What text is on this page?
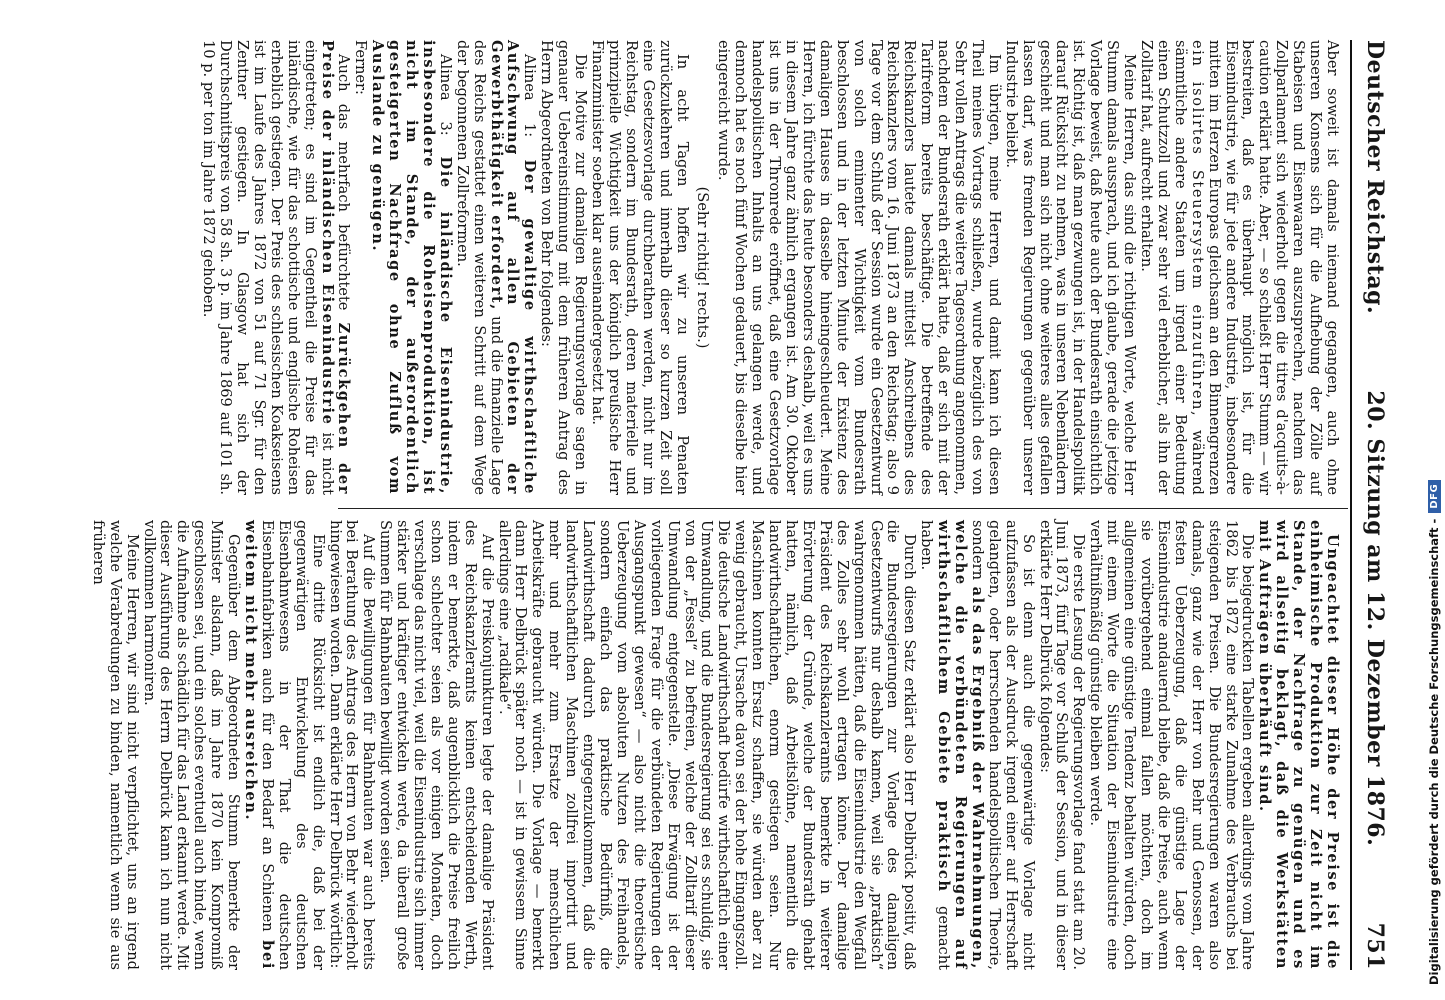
Deutscher Reichstag.
20. Sitzung am 12. Dezember 1876.
751

Aber soweit ist damals niemand gegangen, auch ohne unseren Konsens sich für die Aufhebung der Zölle auf Stabeisen und Eisenwaaren auszusprechen, nachdem das Zollparlament sich wiederholt gegen die titres d'acquits-à-caution erklärt hatte. Aber, — so schließt Herr Stumm — wir bestreiten, daß es überhaupt möglich ist, für die Eisenindustrie, wie für jede andere Industrie, insbesondere mitten im Herzen Europas gleichsam an den Binnengrenzen ein isolirtes Steuersystem einzuführen, während sämmtliche andere Staaten um irgend einer Bedeutung einen Schutzzoll und zwar sehr viel erheblicher, als ihn der Zolltarif hat, aufrecht erhalten.

Meine Herren, das sind die richtigen Worte, welche Herr Stumm damals aussprach, und ich glaube, gerade die jetzige Vorlage beweist, daß heute auch der Bundesrath einsichtlich ist. Richtig ist, daß man gezwungen ist, in der Handelspolitik darauf Rücksicht zu nehmen, was in unseren Nebenländern geschieht und man sich nicht ohne weiteres alles gefallen lassen darf, was fremden Regierungen gegenüber unserer Industrie beliebt.

Im übrigen, meine Herren, und damit kann ich diesen Theil meines Vortrags schließen, wurde bezüglich des von Sehr vollen Antrags die weitere Tagesordnung angenommen, nachdem der Bundesrath erklärt hatte, daß er sich mit der Tarifreform bereits beschäftige. Die betreffende des Reichskanzlers lautete damals mittelst Anschreibens des Reichskanzlers vom 16. Juni 1873 an den Reichstag; also 9 Tage vor dem Schluß der Session wurde ein Gesetzentwurf von solch eminenter Wichtigkeit vom Bundesrath beschlossen und in der letzten Minute der Existenz des damaligen Hauses in dasselbe hineingeschleudert. Meine Herren, ich fürchte das heute besonders deshalb, weil es uns in diesem Jahre ganz ähnlich ergangen ist. Am 30. Oktober ist uns in der Thronrede eröffnet, daß eine Gesetzvorlage handelspolitischen Inhalts an uns gelangen werde, und dennoch hat es noch fünf Wochen gedauert, bis dieselbe hier eingereicht wurde.

(Sehr richtig! rechts.)

In acht Tagen hoffen wir zu unseren Penaten zurückzukehren und innerhalb dieser so kurzen Zeit soll eine Gesetzesvorlage durchberathen werden, nicht nur im Reichstag, sondern im Bundesrath, deren materielle und prinzipielle Wichtigkeit uns der königlich preußische Herr Finanzminister soeben klar auseinandergesetzt hat.

Die Motive zur damaligen Regierungsvorlage sagen in genauer Uebereinstimmung mit dem früheren Antrag des Herrn Abgeordneten von Behr folgendes:

Alinea 1: Der gewaltige wirthschaftliche Aufschwung auf allen Gebieten der Gewerbthätigkeit erfordert, und die finanzielle Lage des Reichs gestattet einen weiteren Schritt auf dem Wege der begonnenen Zollreformen.

Alinea 3: Die inländische Eisenindustrie, insbesondere die Roheisenproduktion, ist nicht im Stande, der außerordentlich gesteigerten Nachfrage ohne Zufluß vom Auslande zu genügen.

Ferner:

Auch das mehrfach befürchtete Zurückgehen der Preise der inländischen Eisenindustrie ist nicht eingetreten; es sind im Gegentheil die Preise für das inländische, wie für das schottische und englische Roheisen erheblich gestiegen. Der Preis des schlesischen Koakseisens ist im Laufe des Jahres 1872 von 51 auf 71 Sgr. für den Zentner gestiegen. In Glasgow hat sich der Durchschnittspreis von 58 sh. 3 p. im Jahre 1869 auf 101 sh. 10 p. per ton im Jahre 1872 gehoben.

Ungeachtet dieser Höhe der Preise ist die einheimische Produktion zur Zeit nicht im Stande, der Nachfrage zu genügen und es wird allseitig beklagt, daß die Werkstätten mit Aufträgen überhäuft sind.

Die beigedruckten Tabellen ergeben allerdings vom Jahre 1862 bis 1872 eine starke Zunahme des Verbrauchs bei steigenden Preisen. Die Bundesregierungen waren also damals, ganz wie der Herr von Behr und Genossen, der festen Ueberzeugung, daß die günstige Lage der Eisenindustrie andauernd bleibe, daß die Preise, auch wenn sie vorübergehend einmal fallen möchten, doch im allgemeinen eine günstige Tendenz behalten würden, doch mit einem Worte die Situation der Eisenindustrie eine verhältnißmäßig günstige bleiben werde.

Die erste Lesung der Regierungsvorlage fand statt am 20. Juni 1873, fünf Tage vor Schluß der Session, und in dieser erklärte Herr Delbrück folgendes:

So ist denn auch die gegenwärtige Vorlage nicht aufzufassen als der Ausdruck irgend einer auf Herrschaft gelangten, oder herrschenden handelspolitischen Theorie, sondern als das Ergebniß der Wahrnehmungen, welche die verbündeten Regierungen auf wirthschaftlichem Gebiete praktisch gemacht haben.

Durch diesen Satz erklärt also Herr Delbrück positiv, daß die Bundesregierungen zur Vorlage des damaligen Gesetzentwurfs nur deshalb kamen, weil sie „praktisch“ wahrgenommen hätten, daß die Eisenindustrie den Wegfall des Zolles sehr wohl ertragen könne. Der damalige Präsident des Reichskanzleramts bemerkte in weiterer Erörterung der Gründe, welche der Bundesrath gehabt hatten, nämlich, daß Arbeitslöhne, namentlich die landwirthschaftlichen, enorm gestiegen seien. Nur Maschinen konnten Ersatz schaffen, sie würden aber zu wenig gebraucht, Ursache davon sei der hohe Eingangszoll. Die deutsche Landwirthschaft bedürfe wirthschaftlich einer Umwandlung, und die Bundesregierung sei es schuldig, sie von der „Fessel“ zu befreien, welche der Zolltarif dieser Umwandlung entgegenstelle. „Diese Erwägung ist der vorliegenden Frage für die verbündeten Regierungen der Ausgangspunkt gewesen“ — also nicht die theoretische Ueberzeugung vom absoluten Nutzen des Freihandels, sondern einfach das praktische Bedürfniß, die Landwirthschaft dadurch entgegenzukommen, daß die landwirthschaftlichen Maschinen zollfrei importirt und mehr und mehr zum Ersatze der menschlichen Arbeitskräfte gebraucht würden. Die Vorlage — bemerkt dann Herr Delbrück später noch — ist in gewissem Sinne allerdings eine „radikale“.

Auf die Preiskonjunkturen legte der damalige Präsident des Reichskanzleramts keinen entscheidenden Werth, indem er bemerkte, daß augenblicklich die Preise freilich schon schlechter seien als vor einigen Monaten, doch verschlage das nicht viel, weil die Eisenindustrie sich immer stärker und kräftiger entwickeln werde, da überall große Summen für Bahnbauten bewilligt worden seien.

Auf die Bewilligungen für Bahnbauten war auch bereits bei Berathung des Antrags des Herrn von Behr wiederholt hingewiesen worden. Dann erklärte Herr Delbrück wörtlich:

Eine dritte Rücksicht ist endlich die, daß bei der gegenwärtigen Entwickelung des deutschen Eisenbahnwesens in der That die deutschen Eisenbahnfabriken auch für den Bedarf an Schienen bei weitem nicht mehr ausreichen.

Gegenüber dem Abgeordneten Stumm bemerkte der Minister alsdann, daß im Jahre 1870 kein Kompromiß geschlossen sei, und ein solches eventuell auch binde, wenn die Aufnahme als schädlich für das Land erkannt werde. Mit dieser Ausführung des Herrn Delbrück kann ich nun nicht vollkommen harmoniren.

Meine Herren, wir sind nicht verpflichtet, uns an irgend welche Verabredungen zu binden, namentlich wenn sie aus früheren	Digitalisierung gefördert durch die Deutsche Forschungsgemeinschaft -
DFG
